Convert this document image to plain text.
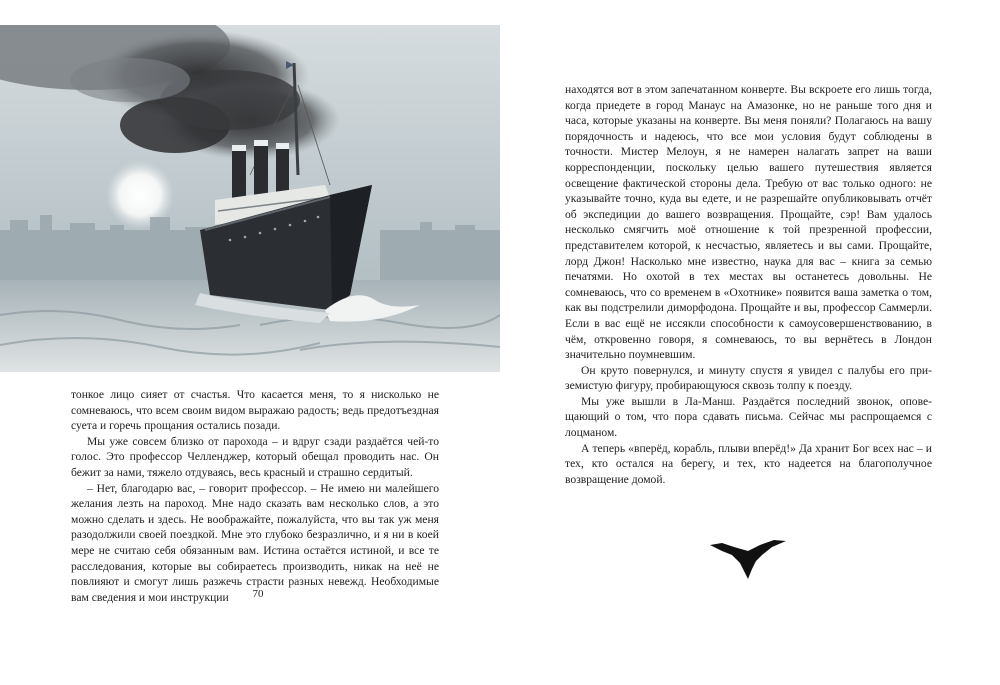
тонкое лицо сияет от счастья. Что касается меня, то я нисколько не сомневаюсь, что всем своим видом выражаю радость; ведь предотъездная суета и горечь прощания остались позади.

Мы уже совсем близко от парохода – и вдруг сзади раздаётся чей-то голос. Это профессор Челленджер, который обещал проводить нас. Он бежит за нами, тяжело отдуваясь, весь красный и страшно сердитый.

– Нет, благодарю вас, – говорит профессор. – Не имею ни малейшего желания лезть на пароход. Мне надо сказать вам несколько слов, а это можно сделать и здесь. Не воображайте, пожалуйста, что вы так уж меня разодолжили своей поездкой. Мне это глубоко безразлично, и я ни в коей мере не считаю себя обязанным вам. Истина остаётся истиной, и все те расследования, которые вы собираетесь производить, никак на неё не повлияют и смогут лишь разжечь страсти разных невежд. Необходимые вам сведения и мои инструкции	70

находятся вот в этом запечатанном конверте. Вы вскроете его лишь тогда, когда приедете в город Манаус на Амазонке, но не раньше того дня и часа, которые указаны на конверте. Вы меня поняли? Полагаюсь на вашу порядочность и надеюсь, что все мои условия будут соблюдены в точности. Мистер Мелоун, я не намерен налагать запрет на ваши корреспонденции, поскольку целью вашего путешествия является освещение фактической стороны дела. Требую от вас только одного: не указывайте точно, куда вы едете, и не разрешайте опубликовывать отчёт об экспедиции до вашего возвращения. Прощайте, сэр! Вам удалось несколько смягчить моё отношение к той презренной профессии, представителем которой, к несчастью, являетесь и вы сами. Прощайте, лорд Джон! Насколько мне известно, наука для вас – книга за семью печатями. Но охотой в тех местах вы останетесь довольны. Не сомневаюсь, что со временем в «Охотнике» появится ваша заметка о том, как вы подстрелили диморфодона. Прощайте и вы, профессор Саммерли. Если в вас ещё не иссякли способности к самоусовершенствованию, в чём, откровенно говоря, я сомневаюсь, то вы вернётесь в Лондон значительно поумневшим.

Он круто повернулся, и минуту спустя я увидел с палубы его приземистую фигуру, пробирающуюся сквозь толпу к поезду.

Мы уже вышли в Ла-Манш. Раздаётся последний звонок, оповещающий о том, что пора сдавать письма. Сейчас мы распрощаемся с лоцманом.

А теперь «вперёд, корабль, плыви вперёд!» Да хранит Бог всех нас – и тех, кто остался на берегу, и тех, кто надеется на благополучное возвращение домой.
